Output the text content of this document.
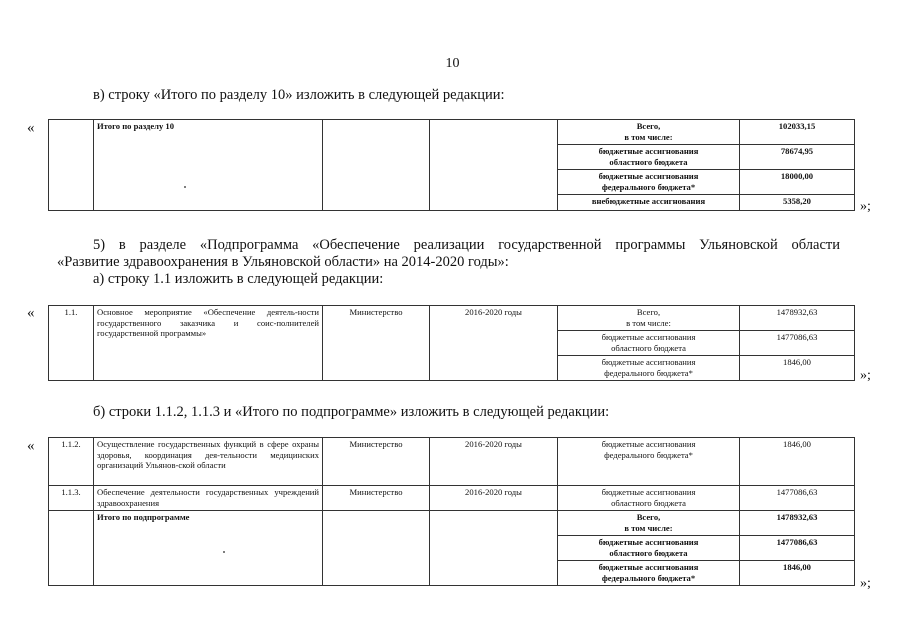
10
в) строку «Итого по разделу 10» изложить в следующей редакции:
«
		Итого по разделу 10			Всего,
в том числе:	102033,15
				бюджетные ассигнования
областного бюджета	78674,95
				бюджетные ассигнования
федерального бюджета*	18000,00
				внебюджетные ассигнования	5358,20	»;
5) в разделе «Подпрограмма «Обеспечение реализации государственной программы Ульяновской области
«Развитие здравоохранения в Ульяновской области» на 2014-2020 годы»:
а) строку 1.1 изложить в следующей редакции:
«	1.1.	Основное мероприятие «Обеспечение деятель-ности государственного заказчика и соис-полнителей государственной программы»	Министерство	2016-2020 годы	Всего,
в том числе:	1478932,63
				бюджетные ассигнования
областного бюджета	1477086,63
				бюджетные ассигнования
федерального бюджета*	1846,00
»;
б) строки 1.1.2, 1.1.3 и «Итого по подпрограмме» изложить в следующей редакции:
«	1.1.2.	Осуществление государственных функций в сфере охраны здоровья, координация дея-тельности медицинских организаций Ульянов-ской области	Министерство	2016-2020 годы	бюджетные ассигнования
федерального бюджета*	1846,00
1.1.3.	Обеспечение деятельности государственных учреждений здравоохранения	Министерство	2016-2020 годы	бюджетные ассигнования
областного бюджета	1477086,63
	Итого по подпрограмме			Всего,
в том числе:	1478932,63
				бюджетные ассигнования
областного бюджета	1477086,63
				бюджетные ассигнования
федерального бюджета*	1846,00
»;
